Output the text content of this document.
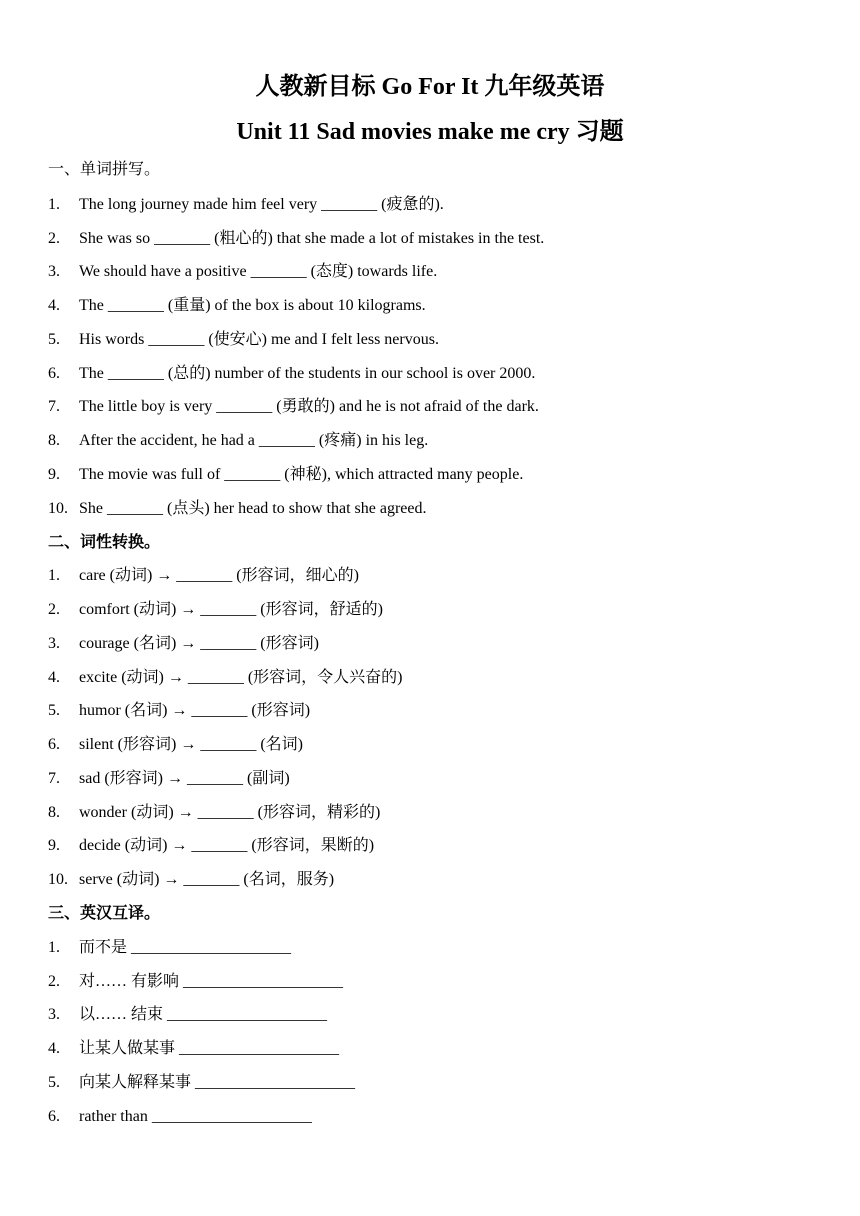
人教新目标 Go For It 九年级英语
Unit 11 Sad movies make me cry 习题
一、单词拼写。
1. The long journey made him feel very _______ (疲惫的).
2. She was so _______ (粗心的) that she made a lot of mistakes in the test.
3. We should have a positive _______ (态度) towards life.
4. The _______ (重量) of the box is about 10 kilograms.
5. His words _______ (使安心) me and I felt less nervous.
6. The _______ (总的) number of the students in our school is over 2000.
7. The little boy is very _______ (勇敢的) and he is not afraid of the dark.
8. After the accident, he had a _______ (疼痛) in his leg.
9. The movie was full of _______ (神秘), which attracted many people.
10. She _______ (点头) her head to show that she agreed.
二、词性转换。
1. care (动词) → _______ (形容词，细心的)
2. comfort (动词) → _______ (形容词，舒适的)
3. courage (名词) → _______ (形容词)
4. excite (动词) → _______ (形容词，令人兴奋的)
5. humor (名词) → _______ (形容词)
6. silent (形容词) → _______ (名词)
7. sad (形容词) → _______ (副词)
8. wonder (动词) → _______ (形容词，精彩的)
9. decide (动词) → _______ (形容词，果断的)
10. serve (动词) → _______ (名词，服务)
三、英汉互译。
1. 而不是 ____________________
2. 对…… 有影响 ____________________
3. 以…… 结束 ____________________
4. 让某人做某事 ____________________
5. 向某人解释某事 ____________________
6. rather than ____________________
